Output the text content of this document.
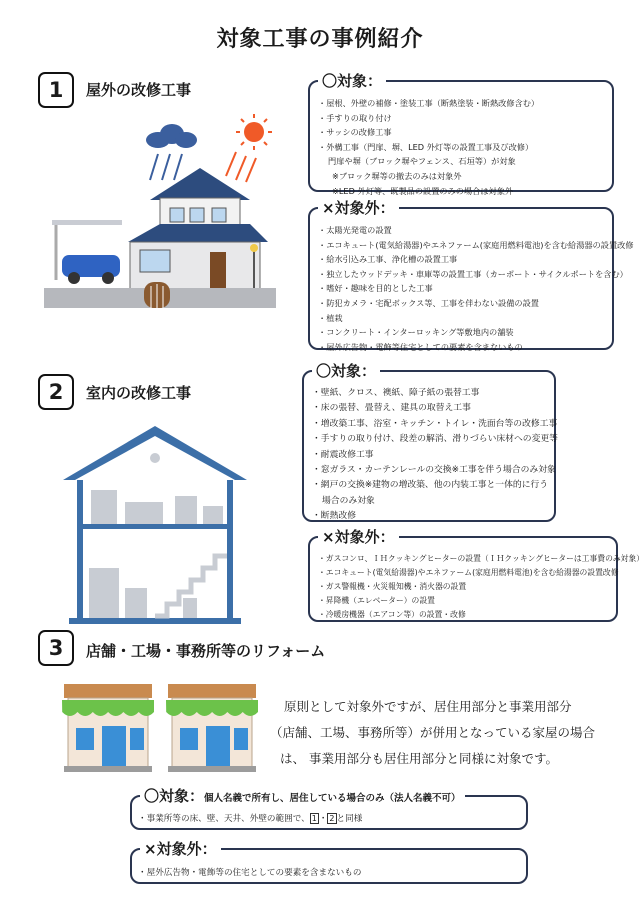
対象工事の事例紹介
1	屋外の改修工事	〇対象：
・屋根、外壁の補修・塗装工事（断熱塗装・断熱改修含む）
・手すりの取り付け
・サッシの改修工事
・外構工事（門扉、塀、LED 外灯等の設置工事及び改修）
門扉や塀（ブロック塀やフェンス、石垣等）が対象
※ブロック塀等の撤去のみは対象外
※LED 外灯等、既製品の設置のみの場合は対象外
×対象外：
・太陽光発電の設置
・エコキュート(電気給湯器)やエネファーム(家庭用燃料電池)を含む給湯器の設置改修
・給水引込み工事、浄化槽の設置工事
・独立したウッドデッキ・車庫等の設置工事（カーポート・サイクルポートを含む）
・嗜好・趣味を目的とした工事
・防犯カメラ・宅配ボックス等、工事を伴わない設備の設置
・植栽
・コンクリート・インターロッキング等敷地内の舗装
・屋外広告物・電飾等住宅としての要素を含まないもの
2	室内の改修工事
〇対象：
・壁紙、クロス、襖紙、障子紙の張替工事
・床の張替、畳替え、建具の取替え工事
・増改築工事、浴室・キッチン・トイレ・洗面台等の改修工事
・手すりの取り付け、段差の解消、滑りづらい床材への変更等
・耐震改修工事
・窓ガラス・カーテンレールの交換※工事を伴う場合のみ対象
・網戸の交換※建物の増改築、他の内装工事と一体的に行う
場合のみ対象
・断熱改修
×対象外：
・ガスコンロ、ＩＨクッキングヒーターの設置（ＩＨクッキングヒーターは工事費のみ対象）
・エコキュート(電気給湯器)やエネファーム(家庭用燃料電池)を含む給湯器の設置改修
・ガス警報機・火災報知機・消火器の設置
・昇降機（エレベーター）の設置
・冷暖房機器（エアコン等）の設置・改修
3	店舗・工場・事務所等のリフォーム
原則として対象外ですが、居住用部分と事業用部分
（店舗、工場、事務所等）が併用となっている家屋の場合
は、 事業用部分も居住用部分と同様に対象です。
〇対象：個人名義で所有し、居住している場合のみ（法人名義不可）
・事業所等の床、壁、天井、外壁の範囲で、 1 ・ 2 と同様
×対象外：
・屋外広告物・電飾等の住宅としての要素を含まないもの
